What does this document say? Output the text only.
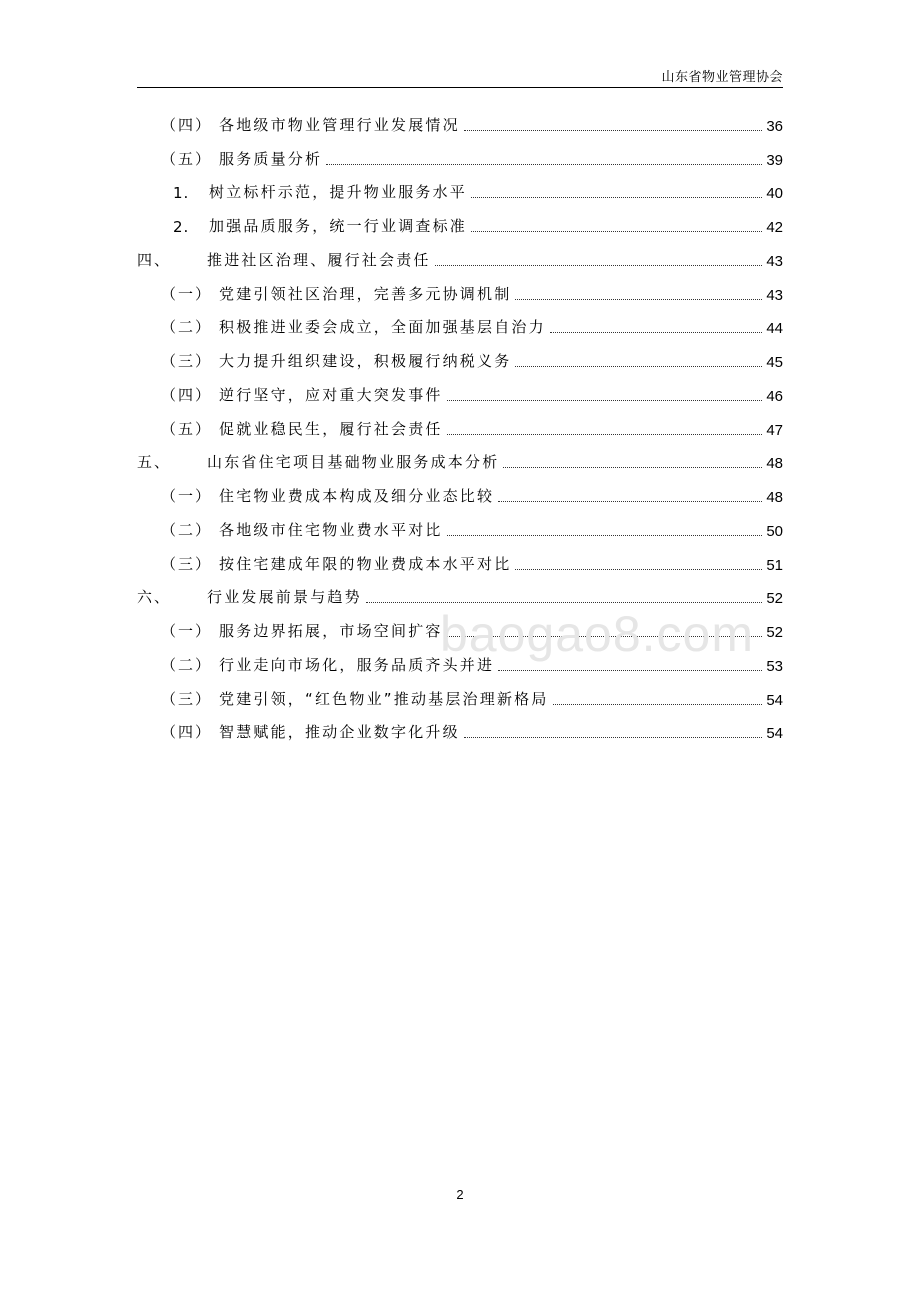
山东省物业管理协会
（四） 各地级市物业管理行业发展情况	36
（五） 服务质量分析	39
1.	树立标杆示范，提升物业服务水平	40
2.	加强品质服务，统一行业调查标准	42
四、	推进社区治理、履行社会责任	43
（一） 党建引领社区治理，完善多元协调机制	43
（二） 积极推进业委会成立，全面加强基层自治力	44
（三） 大力提升组织建设，积极履行纳税义务	45
（四） 逆行坚守，应对重大突发事件	46
（五） 促就业稳民生，履行社会责任	47
五、	山东省住宅项目基础物业服务成本分析	48
（一） 住宅物业费成本构成及细分业态比较	48
（二） 各地级市住宅物业费水平对比	50
（三） 按住宅建成年限的物业费成本水平对比	51
六、	行业发展前景与趋势	52
（一） 服务边界拓展，市场空间扩容	52
（二） 行业走向市场化，服务品质齐头并进	53
（三） 党建引领，“红色物业”推动基层治理新格局	54
（四） 智慧赋能，推动企业数字化升级	54
baogao8.com
2
